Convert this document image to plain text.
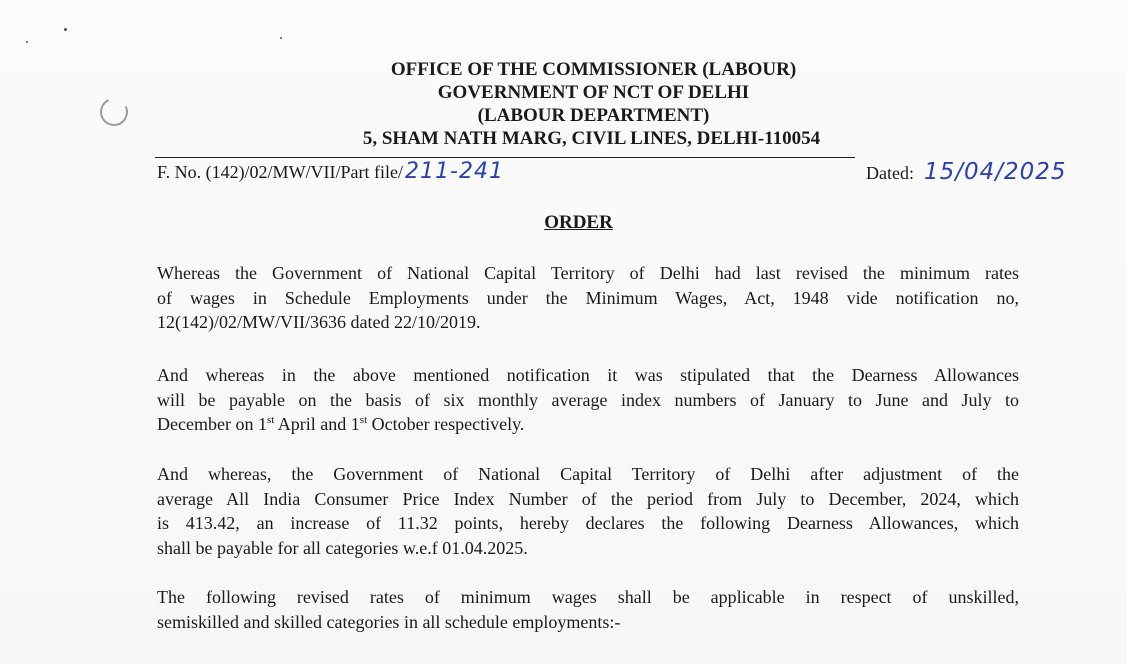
OFFICE OF THE COMMISSIONER (LABOUR)
GOVERNMENT OF NCT OF DELHI
(LABOUR DEPARTMENT)
5, SHAM NATH MARG, CIVIL LINES, DELHI-110054
F. No. (142)/02/MW/VII/Part file/211-241	Dated: 15/04/2025
ORDER
Whereas the Government of National Capital Territory of Delhi had last revised the minimum rates
of wages in Schedule Employments under the Minimum Wages, Act, 1948 vide notification no,
12(142)/02/MW/VII/3636 dated 22/10/2019.
And whereas in the above mentioned notification it was stipulated that the Dearness Allowances
will be payable on the basis of six monthly average index numbers of January to June and July to
December on 1st April and 1st October respectively.
And whereas, the Government of National Capital Territory of Delhi after adjustment of the
average All India Consumer Price Index Number of the period from July to December, 2024, which
is 413.42, an increase of 11.32 points, hereby declares the following Dearness Allowances, which
shall be payable for all categories w.e.f 01.04.2025.
The following revised rates of minimum wages shall be applicable in respect of unskilled,
semiskilled and skilled categories in all schedule employments:-
